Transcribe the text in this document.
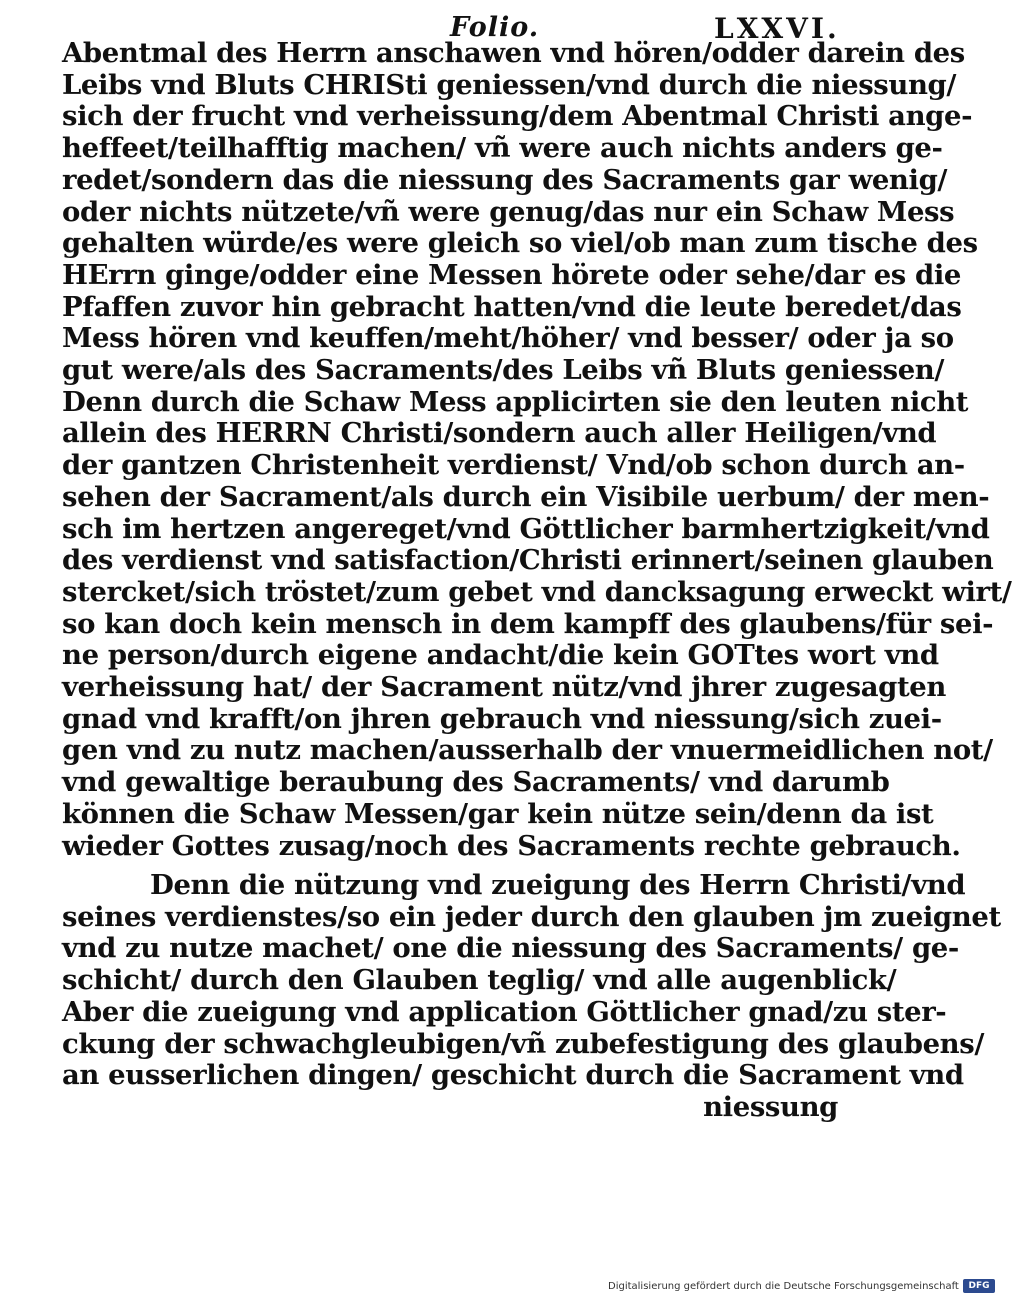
Folio.	LXXVI.
Abentmal des Herrn anschawen vnd hören/odder darein des
Leibs vnd Bluts CHRISti geniessen/vnd durch die niessung/
sich der frucht vnd verheissung/dem Abentmal Christi ange-
heffeet/teilhafftig machen/ vñ were auch nichts anders ge-
redet/sondern das die niessung des Sacraments gar wenig/
oder nichts nützete/vñ were genug/das nur ein Schaw Mess
gehalten würde/es were gleich so viel/ob man zum tische des
HErrn ginge/odder eine Messen hörete oder sehe/dar es die
Pfaffen zuvor hin gebracht hatten/vnd die leute beredet/das
Mess hören vnd keuffen/meht/höher/ vnd besser/ oder ja so
gut were/als des Sacraments/des Leibs vñ Bluts geniessen/
Denn durch die Schaw Mess applicirten sie den leuten nicht
allein des HERRN Christi/sondern auch aller Heiligen/vnd
der gantzen Christenheit verdienst/ Vnd/ob schon durch an-
sehen der Sacrament/als durch ein Visibile uerbum/ der men-
sch im hertzen angereget/vnd Göttlicher barmhertzigkeit/vnd
des verdienst vnd satisfaction/Christi erinnert/seinen glauben
stercket/sich tröstet/zum gebet vnd dancksagung erweckt wirt/
so kan doch kein mensch in dem kampff des glaubens/für sei-
ne person/durch eigene andacht/die kein GOTtes wort vnd
verheissung hat/ der Sacrament nütz/vnd jhrer zugesagten
gnad vnd krafft/on jhren gebrauch vnd niessung/sich zuei-
gen vnd zu nutz machen/ausserhalb der vnuermeidlichen not/
vnd gewaltige beraubung des Sacraments/ vnd darumb
können die Schaw Messen/gar kein nütze sein/denn da ist
wieder Gottes zusag/noch des Sacraments rechte gebrauch.
Denn die nützung vnd zueigung des Herrn Christi/vnd
seines verdienstes/so ein jeder durch den glauben jm zueignet
vnd zu nutze machet/ one die niessung des Sacraments/ ge-
schicht/ durch den Glauben teglig/ vnd alle augenblick/
Aber die zueigung vnd application Göttlicher gnad/zu ster-
ckung der schwachgleubigen/vñ zubefestigung des glaubens/
an eusserlichen dingen/ geschicht durch die Sacrament vnd
niessung
Digitalisierung gefördert durch die Deutsche Forschungsgemeinschaft	DFG
